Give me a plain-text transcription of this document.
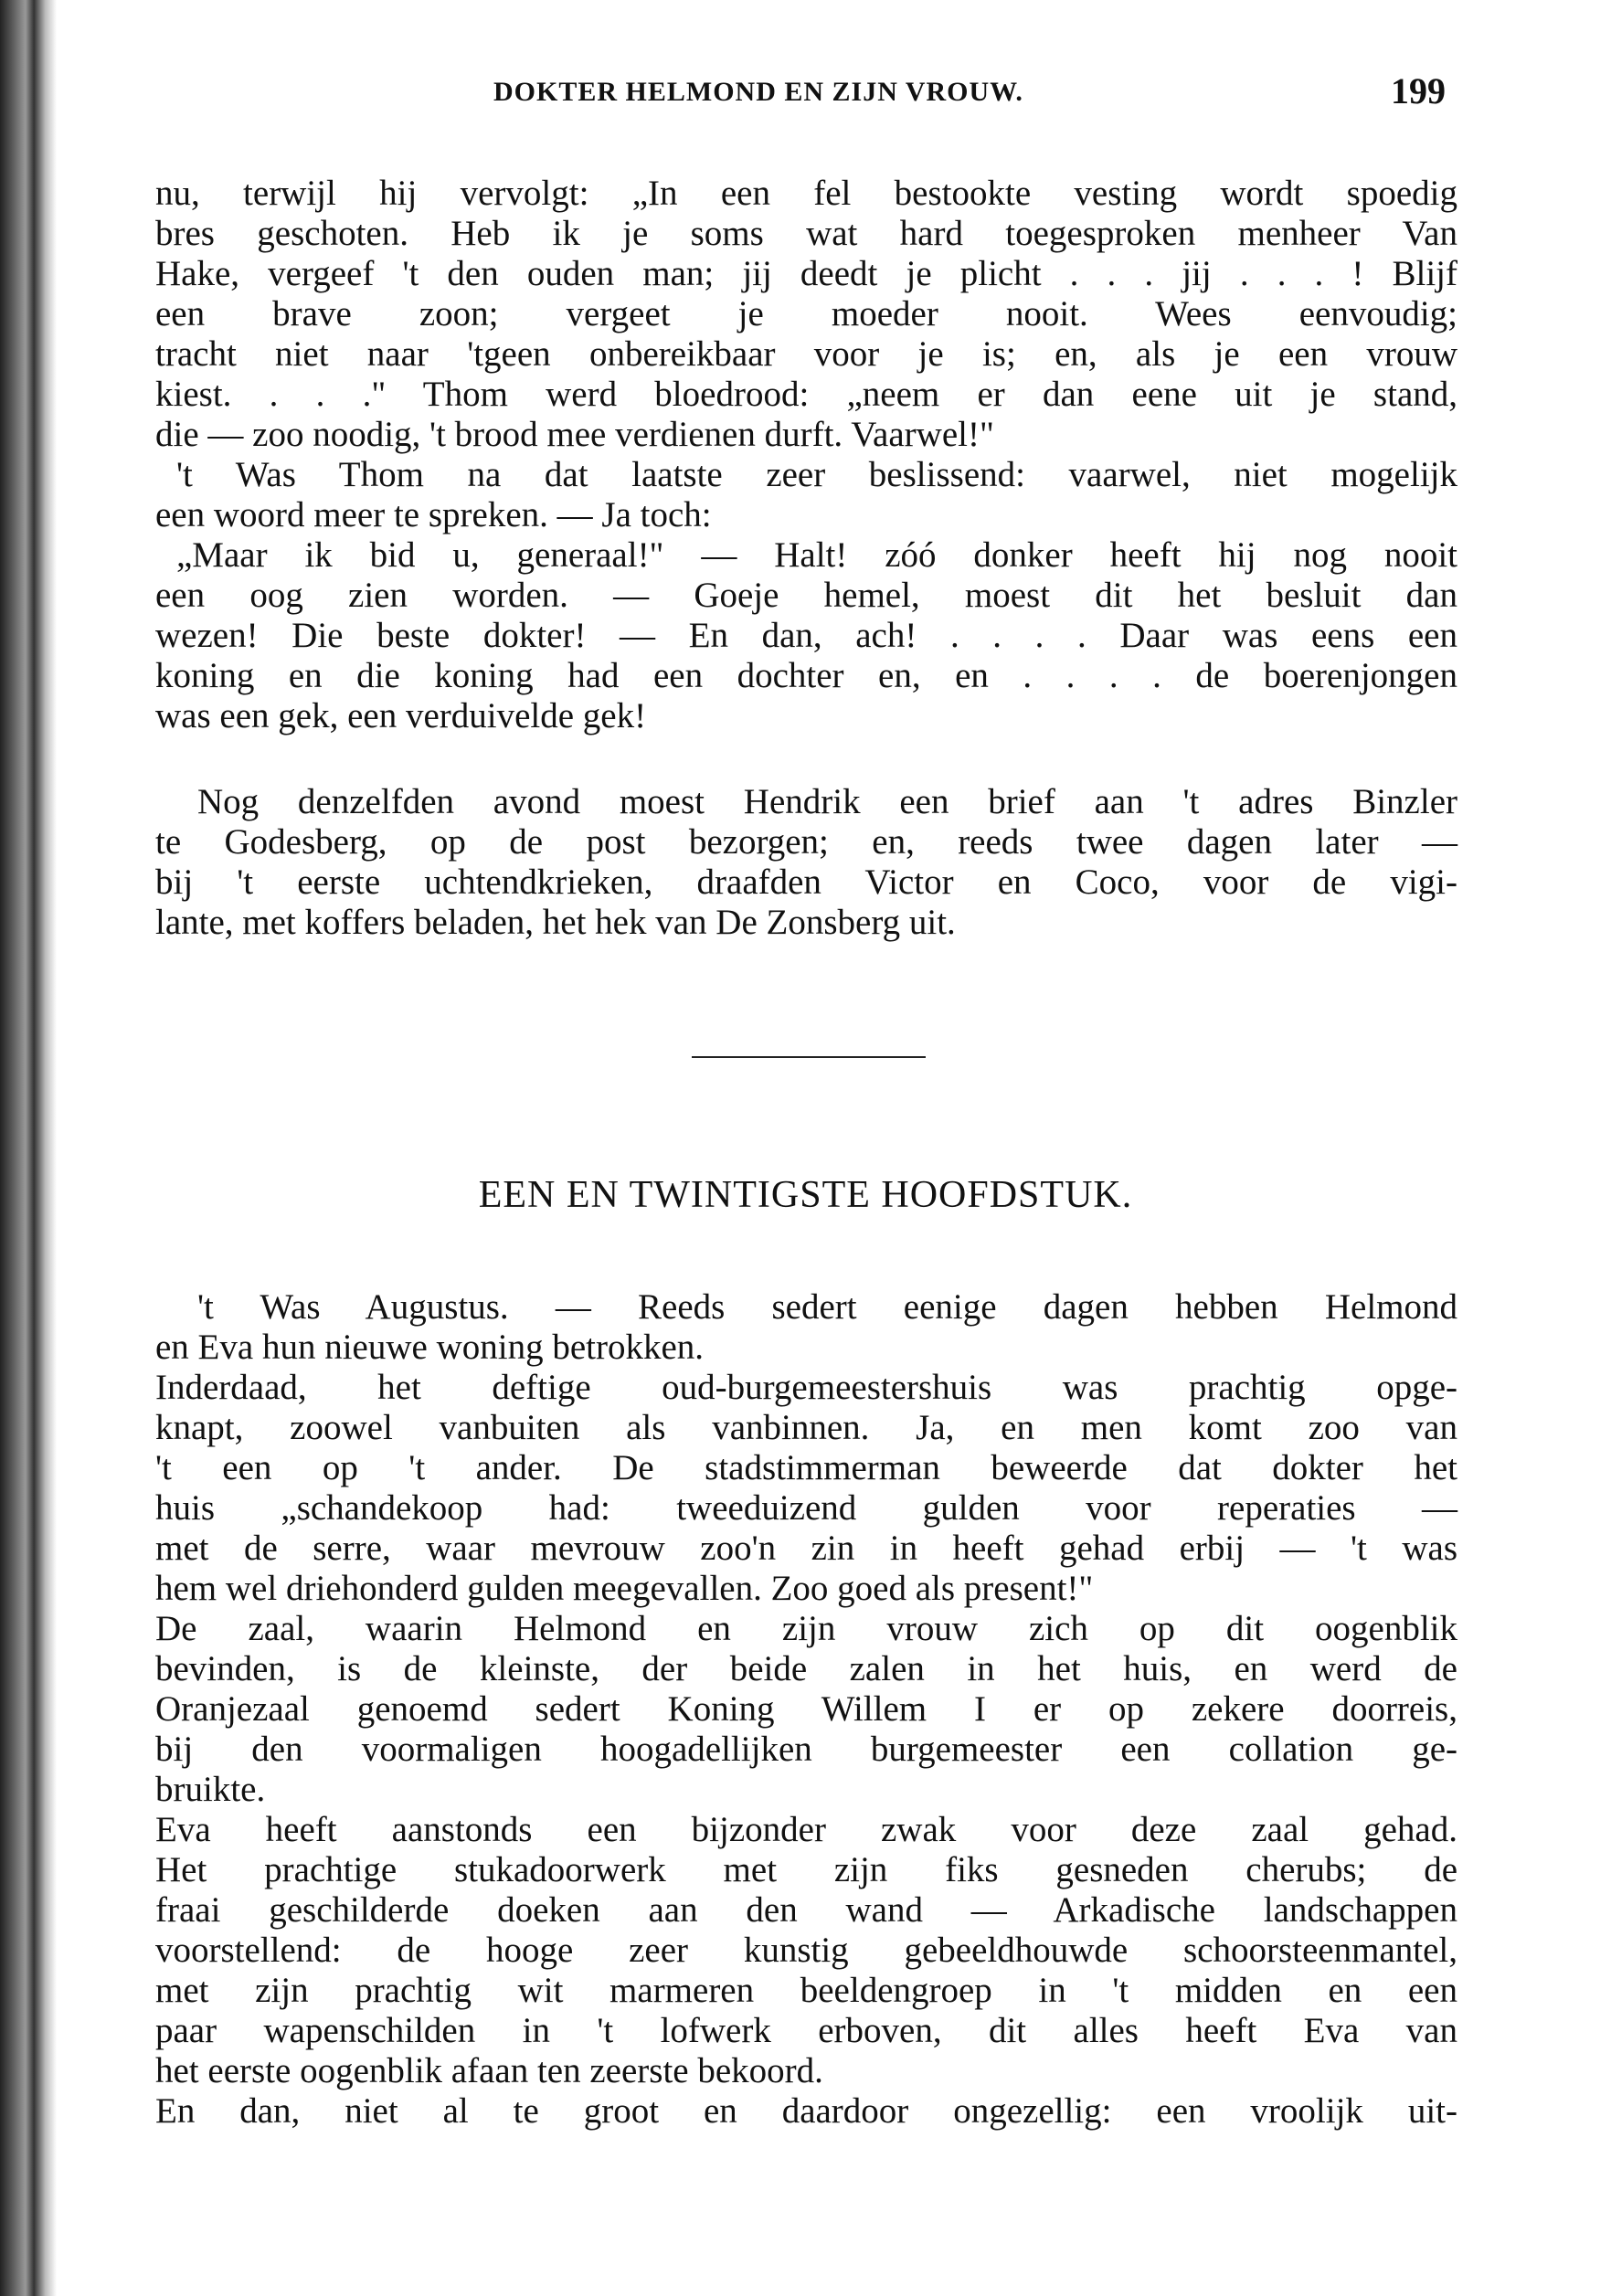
DOKTER HELMOND EN ZIJN VROUW.	199
nu, terwijl hij vervolgt: „In een fel bestookte vesting wordt spoedig
bres geschoten. Heb ik je soms wat hard toegesproken menheer Van
Hake, vergeef 't den ouden man; jij deedt je plicht . . . jij . . . ! Blijf
een brave zoon; vergeet je moeder nooit. Wees eenvoudig;
tracht niet naar 'tgeen onbereikbaar voor je is; en, als je een vrouw
kiest. . . ." Thom werd bloedrood: „neem er dan eene uit je stand,
die — zoo noodig, 't brood mee verdienen durft. Vaarwel!"
't Was Thom na dat laatste zeer beslissend: vaarwel, niet mogelijk
een woord meer te spreken. — Ja toch:
„Maar ik bid u, generaal!" — Halt! zóó donker heeft hij nog nooit
een oog zien worden. — Goeje hemel, moest dit het besluit dan
wezen! Die beste dokter! — En dan, ach! . . . . Daar was eens een
koning en die koning had een dochter en, en . . . . de boerenjongen
was een gek, een verduivelde gek!
Nog denzelfden avond moest Hendrik een brief aan 't adres Binzler
te Godesberg, op de post bezorgen; en, reeds twee dagen later —
bij 't eerste uchtendkrieken, draafden Victor en Coco, voor de vigi-
lante, met koffers beladen, het hek van De Zonsberg uit.
't Was Augustus. — Reeds sedert eenige dagen hebben Helmond
en Eva hun nieuwe woning betrokken.
Inderdaad, het deftige oud-burgemeestershuis was prachtig opge-
knapt, zoowel vanbuiten als vanbinnen. Ja, en men komt zoo van
't een op 't ander. De stadstimmerman beweerde dat dokter het
huis „schandekoop had: tweeduizend gulden voor reperaties —
met de serre, waar mevrouw zoo'n zin in heeft gehad erbij — 't was
hem wel driehonderd gulden meegevallen. Zoo goed als present!"
De zaal, waarin Helmond en zijn vrouw zich op dit oogenblik
bevinden, is de kleinste, der beide zalen in het huis, en werd de
Oranjezaal genoemd sedert Koning Willem I er op zekere doorreis,
bij den voormaligen hoogadellijken burgemeester een collation ge-
bruikte.
Eva heeft aanstonds een bijzonder zwak voor deze zaal gehad.
Het prachtige stukadoorwerk met zijn fiks gesneden cherubs; de
fraai geschilderde doeken aan den wand — Arkadische landschappen
voorstellend: de hooge zeer kunstig gebeeldhouwde schoorsteenmantel,
met zijn prachtig wit marmeren beeldengroep in 't midden en een
paar wapenschilden in 't lofwerk erboven, dit alles heeft Eva van
het eerste oogenblik afaan ten zeerste bekoord.
En dan, niet al te groot en daardoor ongezellig: een vroolijk uit-
EEN EN TWINTIGSTE HOOFDSTUK.
